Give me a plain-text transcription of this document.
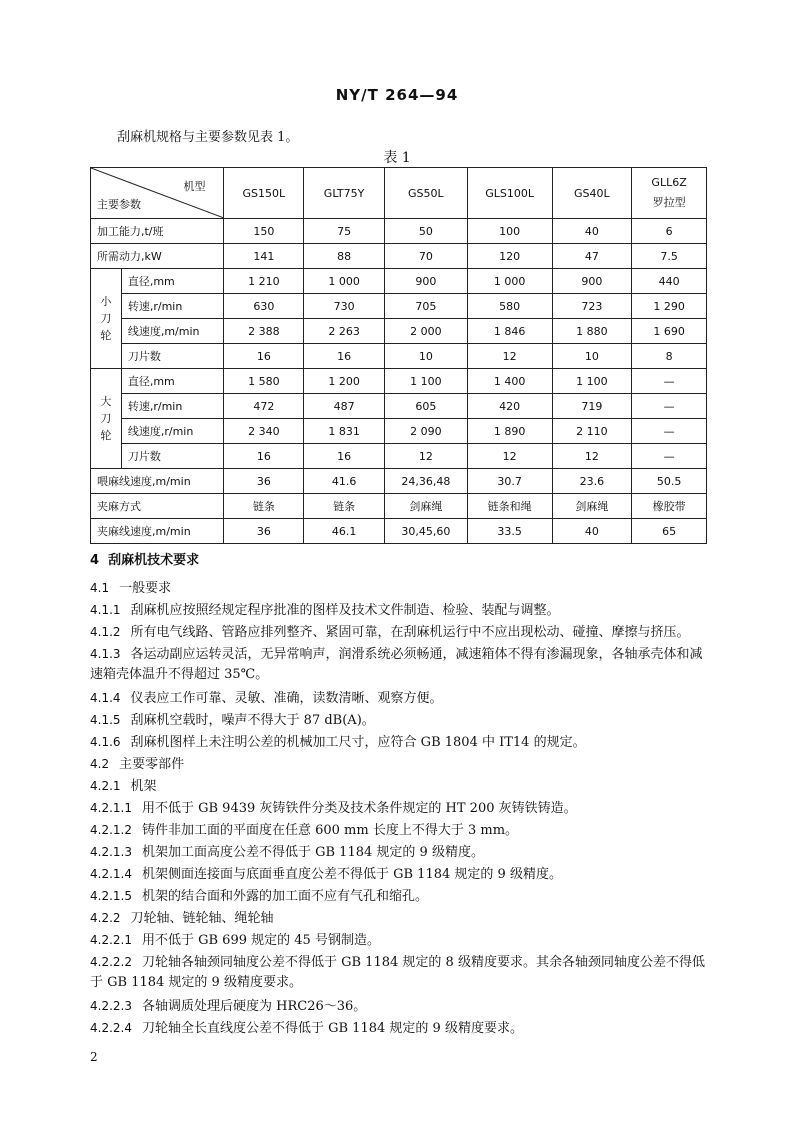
NY/T 264—94
刮麻机规格与主要参数见表 1。
表 1
机型
主要参数		GS150L	GLT75Y	GS50L	GLS100L	GS40L	GLL6Z
罗拉型
加工能力,t/班		150	75	50	100	40	6
所需动力,kW		141	88	70	120	47	7.5
小刀轮	直径,mm	1 210	1 000	900	1 000	900	440
	转速,r/min	630	730	705	580	723	1 290
	线速度,m/min	2 388	2 263	2 000	1 846	1 880	1 690
	刀片数	16	16	10	12	10	8
大刀轮	直径,mm	1 580	1 200	1 100	1 400	1 100	—
	转速,r/min	472	487	605	420	719	—
	线速度,r/min	2 340	1 831	2 090	1 890	2 110	—
	刀片数	16	16	12	12	12	—
喂麻线速度,m/min		36	41.6	24,36,48	30.7	23.6	50.5
夹麻方式		链条	链条	剑麻绳	链条和绳	剑麻绳	橡胶带
夹麻线速度,m/min		36	46.1	30,45,60	33.5	40	65
4 刮麻机技术要求
4.1 一般要求
4.1.1 刮麻机应按照经规定程序批准的图样及技术文件制造、检验、装配与调整。
4.1.2 所有电气线路、管路应排列整齐、紧固可靠，在刮麻机运行中不应出现松动、碰撞、摩擦与挤压。
4.1.3 各运动副应运转灵活，无异常响声，润滑系统必须畅通，减速箱体不得有渗漏现象，各轴承壳体和减速箱壳体温升不得超过 35℃。
4.1.4 仪表应工作可靠、灵敏、准确，读数清晰、观察方便。
4.1.5 刮麻机空载时，噪声不得大于 87 dB(A)。
4.1.6 刮麻机图样上未注明公差的机械加工尺寸，应符合 GB 1804 中 IT14 的规定。
4.2 主要零部件
4.2.1 机架
4.2.1.1 用不低于 GB 9439 灰铸铁件分类及技术条件规定的 HT 200 灰铸铁铸造。
4.2.1.2 铸件非加工面的平面度在任意 600 mm 长度上不得大于 3 mm。
4.2.1.3 机架加工面高度公差不得低于 GB 1184 规定的 9 级精度。
4.2.1.4 机架侧面连接面与底面垂直度公差不得低于 GB 1184 规定的 9 级精度。
4.2.1.5 机架的结合面和外露的加工面不应有气孔和缩孔。
4.2.2 刀轮轴、链轮轴、绳轮轴
4.2.2.1 用不低于 GB 699 规定的 45 号钢制造。
4.2.2.2 刀轮轴各轴颈同轴度公差不得低于 GB 1184 规定的 8 级精度要求。其余各轴颈同轴度公差不得低于 GB 1184 规定的 9 级精度要求。
4.2.2.3 各轴调质处理后硬度为 HRC26～36。
4.2.2.4 刀轮轴全长直线度公差不得低于 GB 1184 规定的 9 级精度要求。
2
